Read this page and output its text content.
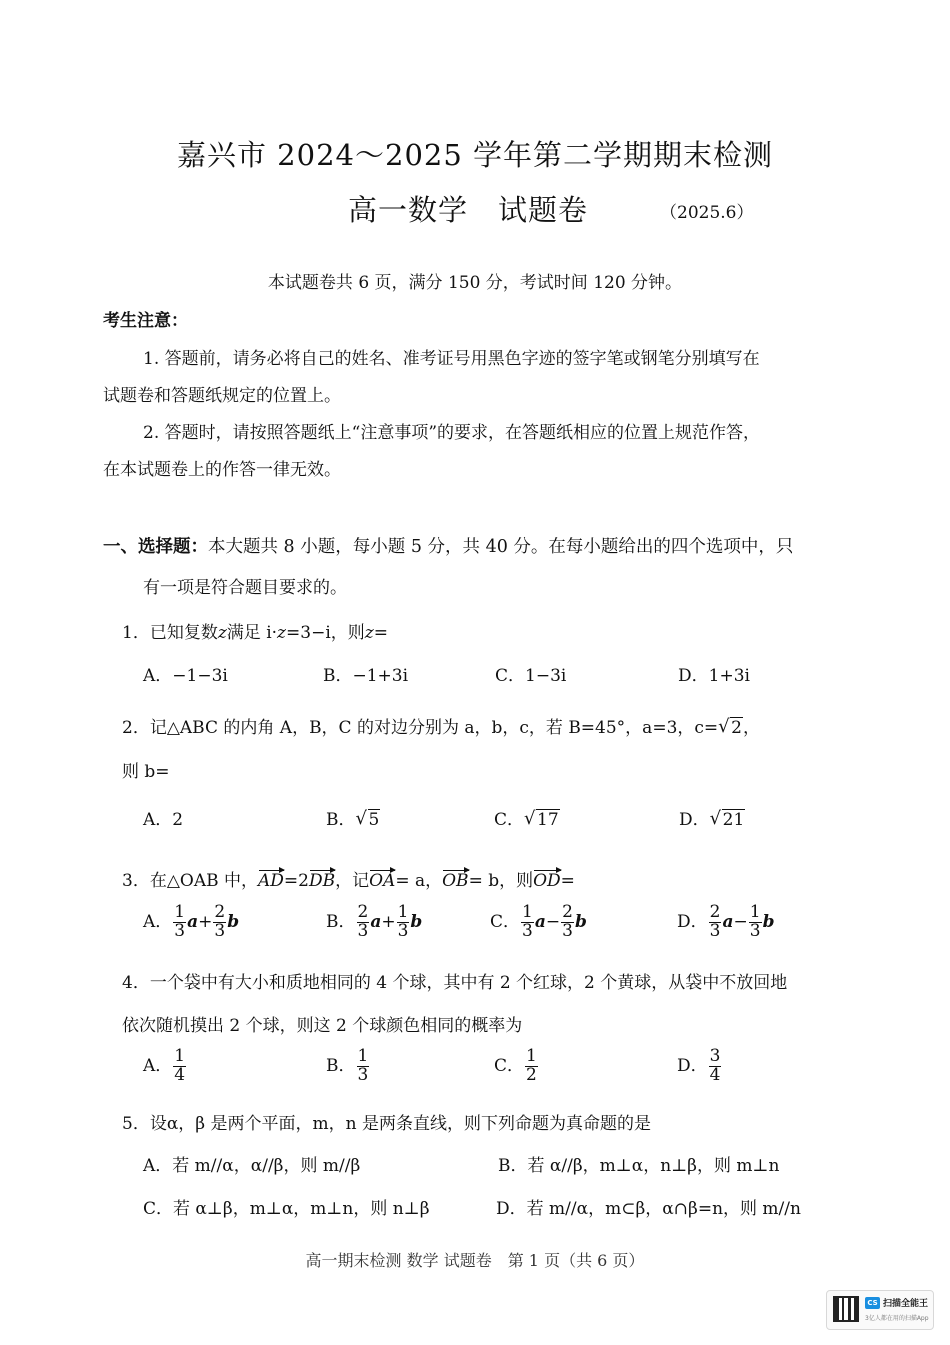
嘉兴市 2024～2025 学年第二学期期末检测
高一数学　试题卷	（2025.6）
本试题卷共 6 页，满分 150 分，考试时间 120 分钟。
考生注意：
1. 答题前，请务必将自己的姓名、准考证号用黑色字迹的签字笔或钢笔分别填写在
试题卷和答题纸规定的位置上。
2. 答题时，请按照答题纸上“注意事项”的要求，在答题纸相应的位置上规范作答，
在本试题卷上的作答一律无效。
一、选择题：本大题共 8 小题，每小题 5 分，共 40 分。在每小题给出的四个选项中，只
有一项是符合题目要求的。
1．已知复数z满足 i·z=3−i，则z=
A．−1−3i	B．−1+3i	C．1−3i	D．1+3i
2．记△ABC 的内角 A，B，C 的对边分别为 a，b，c，若 B=45°，a=3，c= √ 2，
则 b=
A．2	B． √ 5	C． √ 17	D． √ 21
3．在△OAB 中，AD=2DB，记OA= a，OB= b，则OD=
A． $\frac{1}{3} a+ \frac{2}{3}$ b	B． $\frac{2}{3} a+ \frac{1}{3}$ b	C． $\frac{1}{3} a- \frac{2}{3}$ b	D． $\frac{2}{3} a- \frac{1}{3}$ b
4．一个袋中有大小和质地相同的 4 个球，其中有 2 个红球，2 个黄球，从袋中不放回地
依次随机摸出 2 个球，则这 2 个球颜色相同的概率为
A． $\frac{1}{4}$	B． $\frac{1}{3}$	C． $\frac{1}{2}$	D． $\frac{3}{4}$
5．设α，β 是两个平面，m，n 是两条直线，则下列命题为真命题的是
A．若 m//α，α//β，则 m//β	B．若 α//β，m⊥α，n⊥β，则 m⊥n
C．若 α⊥β，m⊥α，m⊥n，则 n⊥β	D．若 m//α，m⊂β，α∩β=n，则 m//n
高一期末检测 数学 试题卷　第 1 页（共 6 页）
CS 扫描全能王
3亿人都在用的扫描App
